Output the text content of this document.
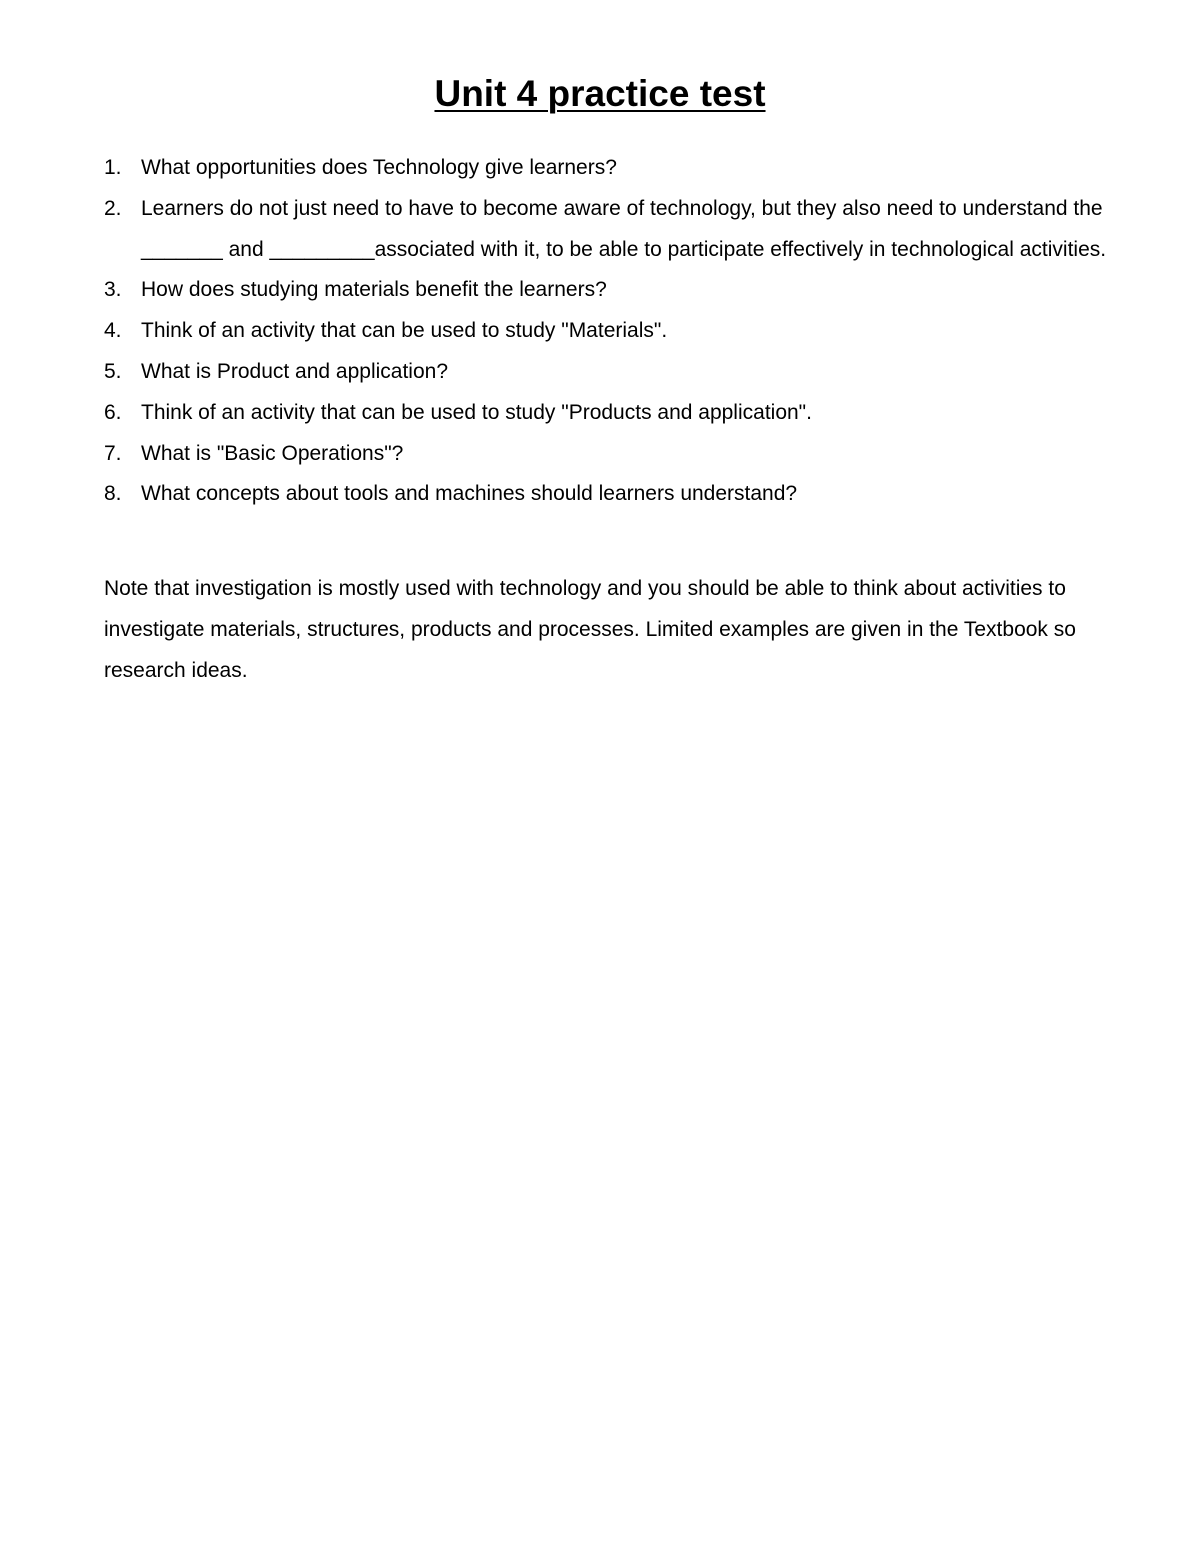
Unit 4 practice test
1. What opportunities does Technology give learners?
2. Learners do not just need to have to become aware of technology, but they also need to understand the _______ and _________associated with it, to be able to participate effectively in technological activities.
3. How does studying materials benefit the learners?
4. Think of an activity that can be used to study "Materials".
5. What is Product and application?
6. Think of an activity that can be used to study "Products and application".
7. What is "Basic Operations"?
8. What concepts about tools and machines should learners understand?

Note that investigation is mostly used with technology and you should be able to think about activities to investigate materials, structures, products and processes. Limited examples are given in the Textbook so research ideas.
